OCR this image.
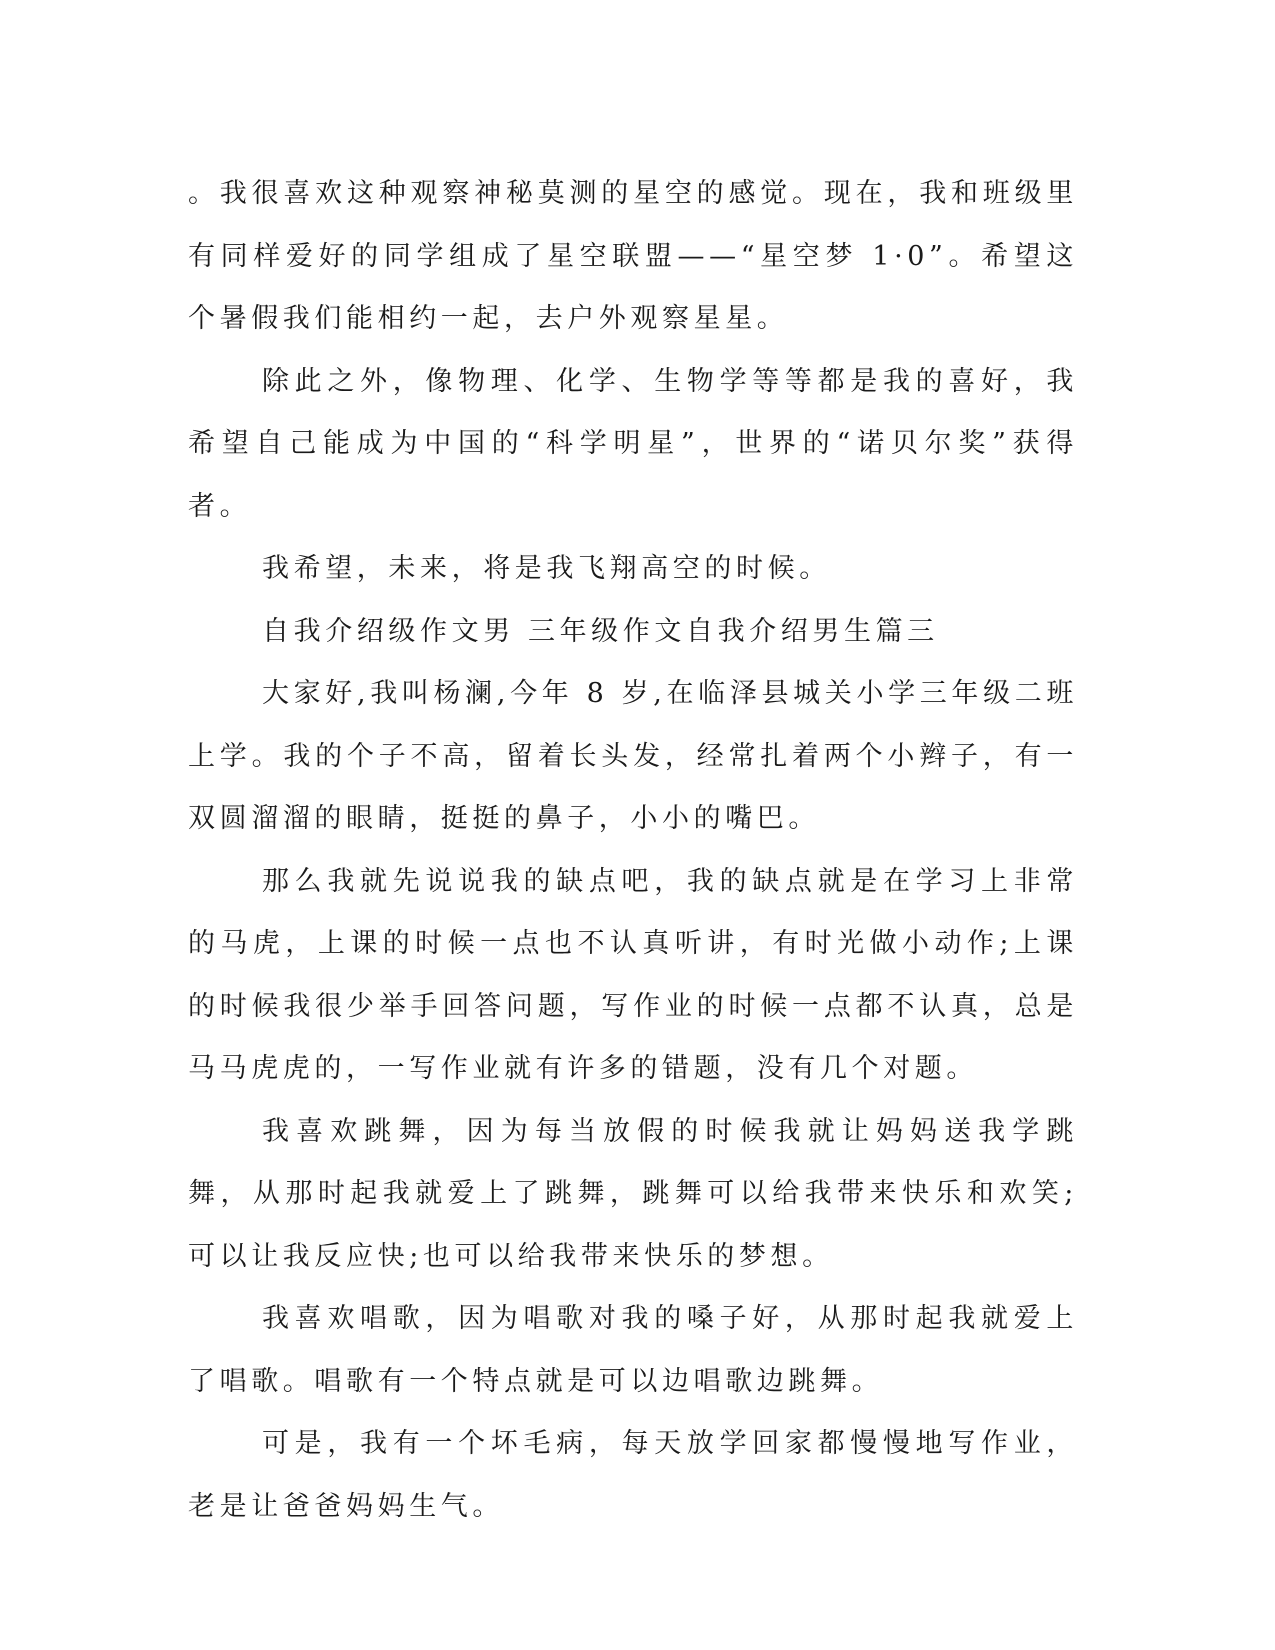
。我很喜欢这种观察神秘莫测的星空的感觉。现在，我和班级里有同样爱好的同学组成了星空联盟——“星空梦 1·0”。希望这个暑假我们能相约一起，去户外观察星星。

除此之外，像物理、化学、生物学等等都是我的喜好，我希望自己能成为中国的“科学明星”，世界的“诺贝尔奖”获得者。

我希望，未来，将是我飞翔高空的时候。

自我介绍级作文男 三年级作文自我介绍男生篇三

大家好,我叫杨澜,今年 8 岁,在临泽县城关小学三年级二班上学。我的个子不高，留着长头发，经常扎着两个小辫子，有一双圆溜溜的眼睛，挺挺的鼻子，小小的嘴巴。

那么我就先说说我的缺点吧，我的缺点就是在学习上非常的马虎，上课的时候一点也不认真听讲，有时光做小动作;上课的时候我很少举手回答问题，写作业的时候一点都不认真，总是马马虎虎的，一写作业就有许多的错题，没有几个对题。

我喜欢跳舞，因为每当放假的时候我就让妈妈送我学跳舞，从那时起我就爱上了跳舞，跳舞可以给我带来快乐和欢笑;可以让我反应快;也可以给我带来快乐的梦想。

我喜欢唱歌，因为唱歌对我的嗓子好，从那时起我就爱上了唱歌。唱歌有一个特点就是可以边唱歌边跳舞。

可是，我有一个坏毛病，每天放学回家都慢慢地写作业，老是让爸爸妈妈生气。
